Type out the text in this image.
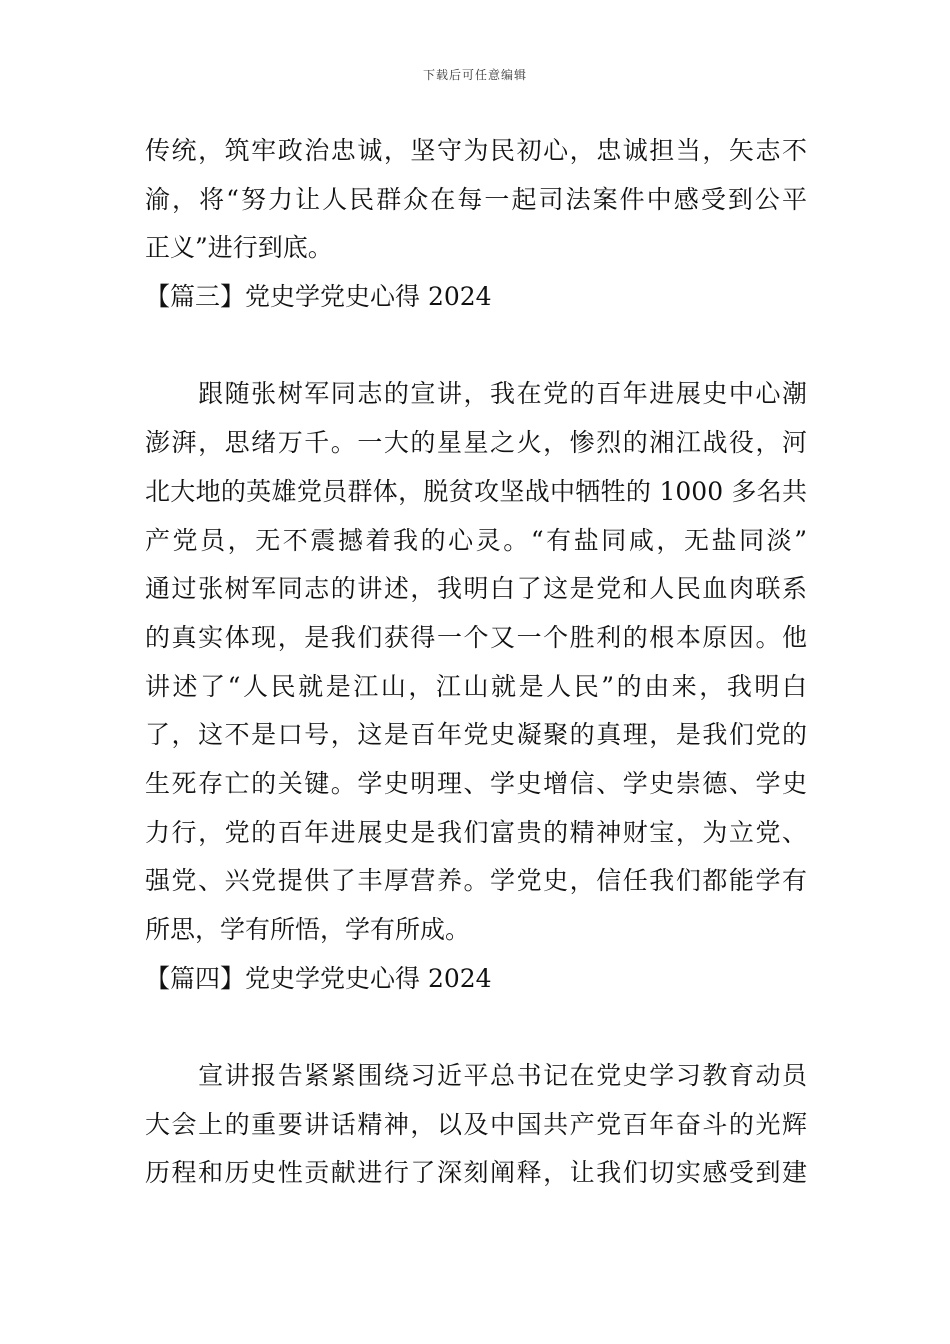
下载后可任意编辑
传统，筑牢政治忠诚，坚守为民初心，忠诚担当，矢志不
渝，将“努力让人民群众在每一起司法案件中感受到公平
正义”进行到底。
【篇三】党史学党史心得 2024
　　跟随张树军同志的宣讲，我在党的百年进展史中心潮
澎湃，思绪万千。一大的星星之火，惨烈的湘江战役，河
北大地的英雄党员群体，脱贫攻坚战中牺牲的 1000 多名共
产党员，无不震撼着我的心灵。“有盐同咸，无盐同淡”
通过张树军同志的讲述，我明白了这是党和人民血肉联系
的真实体现，是我们获得一个又一个胜利的根本原因。他
讲述了“人民就是江山，江山就是人民”的由来，我明白
了，这不是口号，这是百年党史凝聚的真理，是我们党的
生死存亡的关键。学史明理、学史增信、学史崇德、学史
力行，党的百年进展史是我们富贵的精神财宝，为立党、
强党、兴党提供了丰厚营养。学党史，信任我们都能学有
所思，学有所悟，学有所成。
【篇四】党史学党史心得 2024
　　宣讲报告紧紧围绕习近平总书记在党史学习教育动员
大会上的重要讲话精神，以及中国共产党百年奋斗的光辉
历程和历史性贡献进行了深刻阐释，让我们切实感受到建
